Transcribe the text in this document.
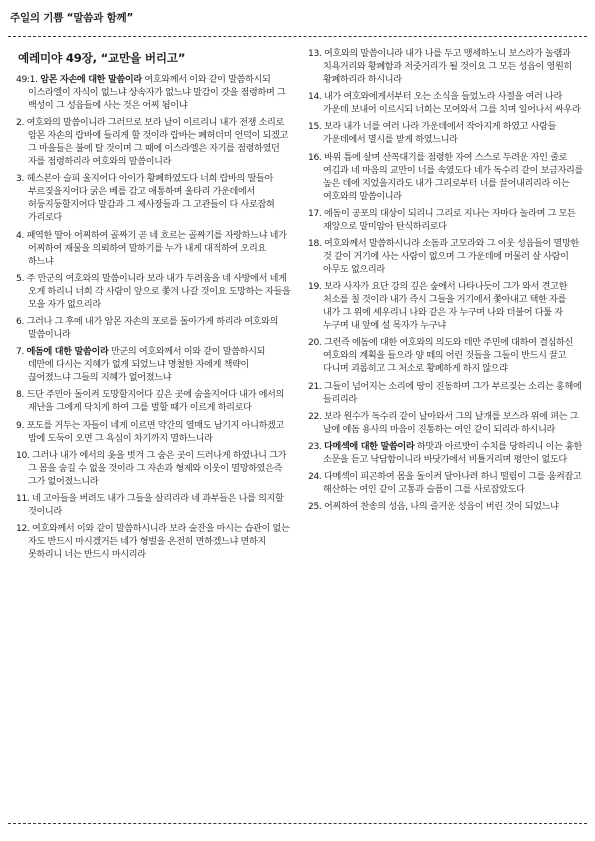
주일의 기쁨 “말씀과 함께”
예레미야 49장, “교만을 버리고”
49:1. 암몬 자손에 대한 말씀이라 여호와께서 이와 같이 말씀하시되 이스라엘이 자식이 없느냐 상속자가 없느냐 말감이 갓을 점령하며 그 백성이 그 성읍들에 사는 것은 어찌 됨이냐
2. 여호와의 말씀이니라 그러므로 보라 날이 이르리니 내가 전쟁 소리로 암몬 자손의 랍바에 들리게 할 것이라 랍바는 폐허더미 언덕이 되겠고 그 마을들은 불에 탈 것이며 그 때에 이스라엘은 자기를 점령하였던 자를 점령하리라 여호와의 말씀이니라
3. 헤스본아 슬피 울지어다 아이가 황폐하였도다 너희 랍바의 딸들아 부르짖을지어다 굵은 베를 감고 애통하며 울타리 가운데에서 허둥지둥할지어다 말감과 그 제사장들과 그 고관들이 다 사로잡혀 가리로다
4. 패역한 딸아 어찌하여 골짜기 곧 네 흐르는 골짜기를 자랑하느냐 네가 어찌하여 재물을 의뢰하여 말하기를 누가 내게 대적하여 오리요 하느냐
5. 주 만군의 여호와의 말씀이니라 보라 내가 두려움을 네 사방에서 네게 오게 하리니 너희 각 사람이 앞으로 쫓겨 나갈 것이요 도망하는 자들을 모을 자가 없으리라
6. 그러나 그 후에 내가 암몬 자손의 포로를 돌아가게 하리라 여호와의 말씀이니라
7. 에돔에 대한 말씀이라 만군의 여호와께서 이와 같이 말씀하시되 데만에 다시는 지혜가 없게 되었느냐 명철한 자에게 책략이 끊어졌느냐 그들의 지혜가 없어졌느냐
8. 드단 주민아 돌이켜 도망할지어다 깊은 곳에 숨을지어다 내가 에서의 재난을 그에게 닥치게 하여 그를 벌할 때가 이르게 하리로다
9. 포도를 거두는 자들이 네게 이르면 약간의 열매도 남기지 아니하겠고 밤에 도둑이 오면 그 욕심이 차기까지 멸하느니라
10. 그러나 내가 에서의 옷을 벗겨 그 숨은 곳이 드러나게 하였나니 그가 그 몸을 숨길 수 없을 것이라 그 자손과 형제와 이웃이 멸망하였은즉 그가 없어졌느니라
11. 네 고아들을 버려도 내가 그들을 살리리라 네 과부들은 나를 의지할 것이니라
12. 여호와께서 이와 같이 말씀하시니라 보라 술잔을 마시는 습관이 없는 자도 반드시 마시겠거든 네가 형벌을 온전히 면하겠느냐 면하지 못하리니 너는 반드시 마시리라
13. 여호와의 말씀이니라 내가 나를 두고 맹세하노니 보스라가 놀램과 치욕거리와 황폐함과 저줏거리가 될 것이요 그 모든 성읍이 영원히 황폐하리라 하시니라
14. 내가 여호와에게서부터 오는 소식을 들었노라 사절을 여러 나라 가운데 보내어 이르시되 너희는 모여와서 그를 치며 일어나서 싸우라
15. 보라 내가 너를 여러 나라 가운데에서 작아지게 하였고 사람들 가운데에서 멸시를 받게 하였느니라
16. 바위 틈에 살며 산꼭대기를 점령한 자여 스스로 두려운 자인 줄로 여김과 네 마음의 교만이 너를 속였도다 네가 독수리 같이 보금자리를 높은 데에 지었을지라도 내가 그리로부터 너를 끌어내리리라 이는 여호와의 말씀이니라
17. 에돔이 공포의 대상이 되리니 그리로 지나는 자마다 놀라며 그 모든 재앙으로 말미암아 탄식하리로다
18. 여호와께서 말씀하시니라 소돔과 고모라와 그 이웃 성읍들이 멸망한 것 같이 거기에 사는 사람이 없으며 그 가운데에 머물러 살 사람이 아무도 없으리라
19. 보라 사자가 요단 강의 깊은 숲에서 나타나듯이 그가 와서 견고한 처소를 칠 것이라 내가 즉시 그들을 거기에서 쫓아내고 택한 자를 내가 그 위에 세우리니 나와 같은 자 누구며 나와 더불어 다툴 자 누구며 내 앞에 설 목자가 누구냐
20. 그런즉 에돔에 대한 여호와의 의도와 데만 주민에 대하여 결심하신 여호와의 계획을 들으라 양 떼의 어린 것들을 그들이 반드시 끌고 다니며 괴롭히고 그 처소로 황폐하게 하지 않으랴
21. 그들이 넘어지는 소리에 땅이 진동하며 그가 부르짖는 소리는 홍해에 들리리라
22. 보라 원수가 독수리 같이 날아와서 그의 날개를 보스라 위에 펴는 그 날에 에돔 용사의 마음이 진통하는 여인 같이 되리라 하시니라
23. 다메섹에 대한 말씀이라 하맛과 아르밧이 수치를 당하리니 이는 흉한 소문을 듣고 낙담함이니라 바닷가에서 비틀거리며 평안이 없도다
24. 다메섹이 피곤하여 몸을 돌이켜 달아나려 하니 떨림이 그를 움켜잡고 해산하는 여인 같이 고통과 슬픔이 그를 사로잡았도다
25. 어찌하여 찬송의 성읍, 나의 즐거운 성읍이 버린 것이 되었느냐
